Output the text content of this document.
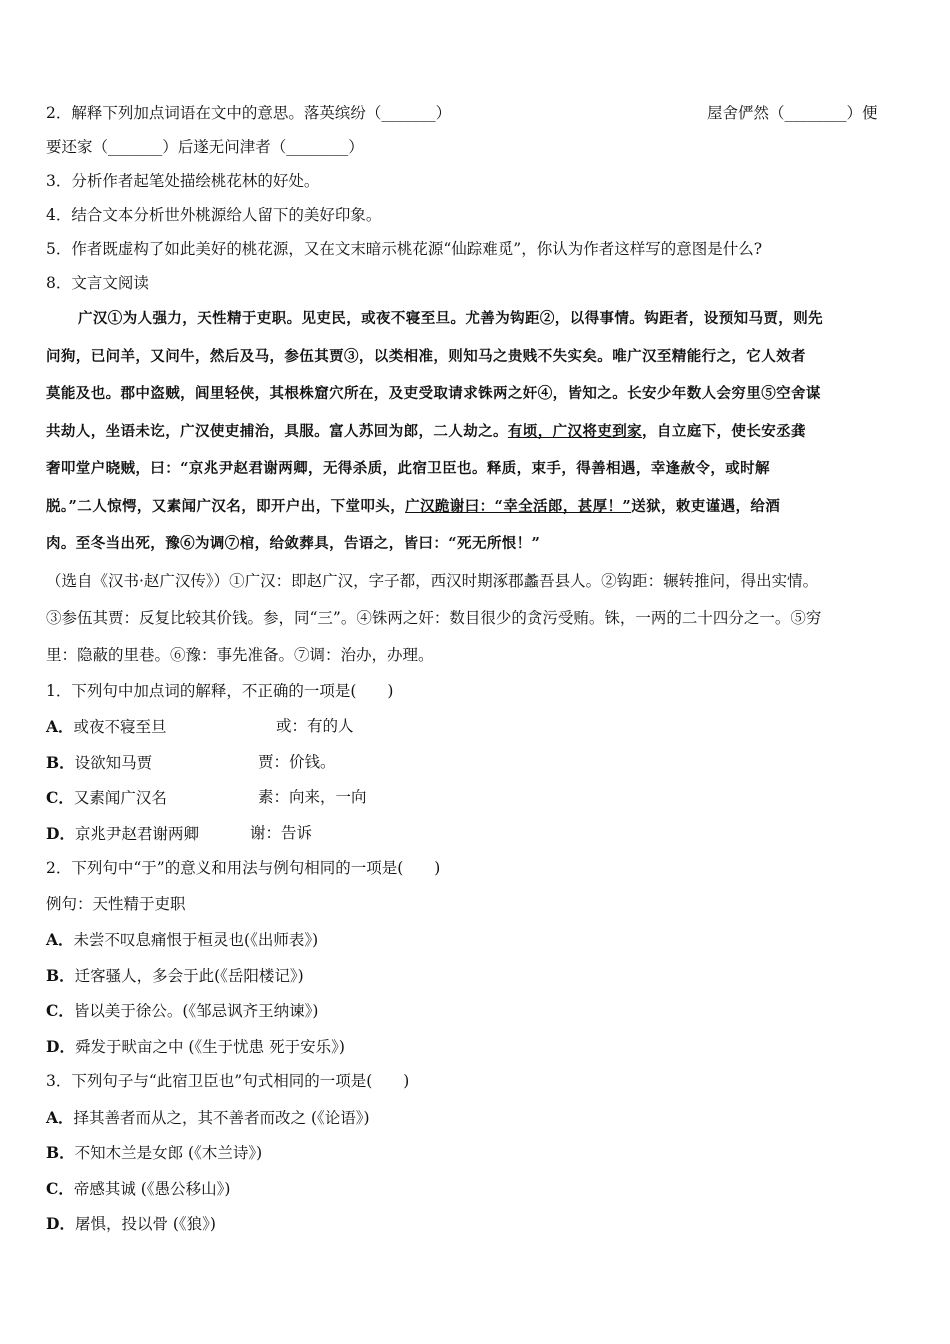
2．解释下列加点词语在文中的意思。落英缤纷（_______）	屋舍俨然（________）便
要还家（_______）后遂无问津者（________）
3．分析作者起笔处描绘桃花林的好处。
4．结合文本分析世外桃源给人留下的美好印象。
5．作者既虚构了如此美好的桃花源，又在文末暗示桃花源“仙踪难觅”，你认为作者这样写的意图是什么?
8．文言文阅读
广汉①为人强力，天性精于吏职。见吏民，或夜不寝至旦。尤善为钩距②，以得事情。钩距者，设预知马贾，则先
问狗，已问羊，又问牛，然后及马，参伍其贾③，以类相准，则知马之贵贱不失实矣。唯广汉至精能行之，它人效者
莫能及也。郡中盗贼，闾里轻侠，其根株窟穴所在，及吏受取请求铢两之奸④，皆知之。长安少年数人会穷里⑤空舍谋
共劫人，坐语未讫，广汉使吏捕治，具服。富人苏回为郎，二人劫之。有顷，广汉将吏到家，自立庭下，使长安丞龚
奢叩堂户晓贼，曰：“京兆尹赵君谢两卿，无得杀质，此宿卫臣也。释质，束手，得善相遇，幸逢赦令，或时解
脱。”二人惊愕，又素闻广汉名，即开户出，下堂叩头，广汉跪谢曰：“幸全活郎，甚厚！”送狱，敕吏谨遇，给酒
肉。至冬当出死，豫⑥为调⑦棺，给敛葬具，告语之，皆曰：“死无所恨！”
（选自《汉书·赵广汉传》）①广汉：即赵广汉，字子都，西汉时期涿郡蠡吾县人。②钩距：辗转推问，得出实情。
③参伍其贾：反复比较其价钱。参，同“三”。④铢两之奸：数目很少的贪污受贿。铢，一两的二十四分之一。⑤穷
里：隐蔽的里巷。⑥豫：事先准备。⑦调：治办，办理。
1．下列句中加点词的解释，不正确的一项是(　　)
A．或夜不寝至旦	或：有的人
B．设欲知马贾	贾：价钱。
C．又素闻广汉名	素：向来，一向
D．京兆尹赵君谢两卿	谢：告诉
2．下列句中“于”的意义和用法与例句相同的一项是(　　)
例句：天性精于吏职
A．未尝不叹息痛恨于桓灵也(《出师表》)
B．迁客骚人，多会于此(《岳阳楼记》)
C．皆以美于徐公。(《邹忌讽齐王纳谏》)
D．舜发于畎亩之中 (《生于忧患 死于安乐》)
3．下列句子与“此宿卫臣也”句式相同的一项是(　　)
A．择其善者而从之，其不善者而改之 (《论语》)
B．不知木兰是女郎 (《木兰诗》)
C．帝感其诚 (《愚公移山》)
D．屠惧，投以骨 (《狼》)
